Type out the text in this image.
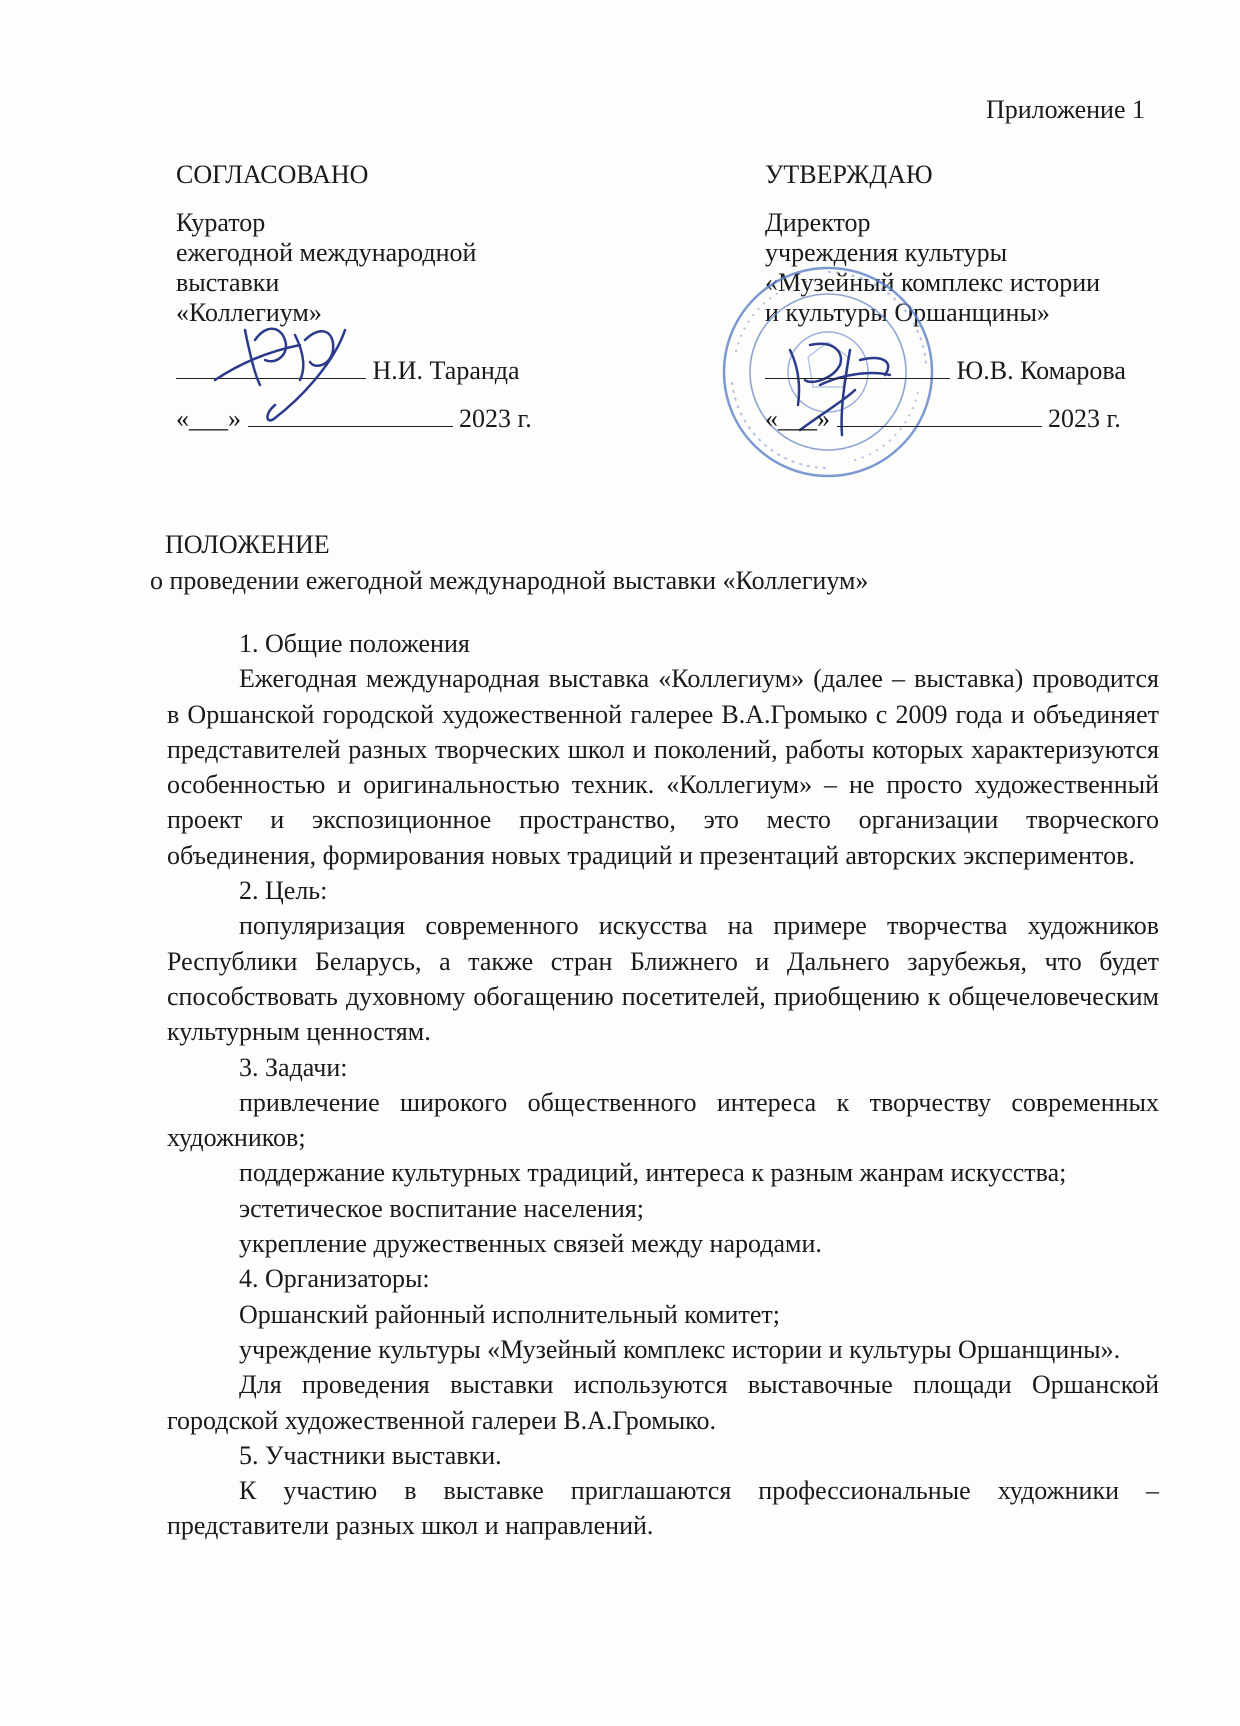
Приложение 1
СОГЛАСОВАНО
Куратор
ежегодной международной
выставки
«Коллегиум»
Н.И. Таранда
«___»	2023 г.
УТВЕРЖДАЮ
Директор
учреждения культуры
«Музейный комплекс истории
и культуры Оршанщины»
Ю.В. Комарова
«___»	2023 г.
ПОЛОЖЕНИЕ
о проведении ежегодной международной выставки «Коллегиум»

1. Общие положения

Ежегодная международная выставка «Коллегиум» (далее – выставка) проводится в Оршанской городской художественной галерее В.А.Громыко с 2009 года и объединяет представителей разных творческих школ и поколений, работы которых характеризуются особенностью и оригинальностью техник. «Коллегиум» – не просто художественный проект и экспозиционное пространство, это место организации творческого объединения, формирования новых традиций и презентаций авторских экспериментов.

2. Цель:

популяризация современного искусства на примере творчества художников Республики Беларусь, а также стран Ближнего и Дальнего зарубежья, что будет способствовать духовному обогащению посетителей, приобщению к общечеловеческим культурным ценностям.

3. Задачи:

привлечение широкого общественного интереса к творчеству современных художников;

поддержание культурных традиций, интереса к разным жанрам искусства;

эстетическое воспитание населения;

укрепление дружественных связей между народами.

4. Организаторы:

Оршанский районный исполнительный комитет;

учреждение культуры «Музейный комплекс истории и культуры Оршанщины».

Для проведения выставки используются выставочные площади Оршанской городской художественной галереи В.А.Громыко.

5. Участники выставки.

К участию в выставке приглашаются профессиональные художники – представители разных школ и направлений.
